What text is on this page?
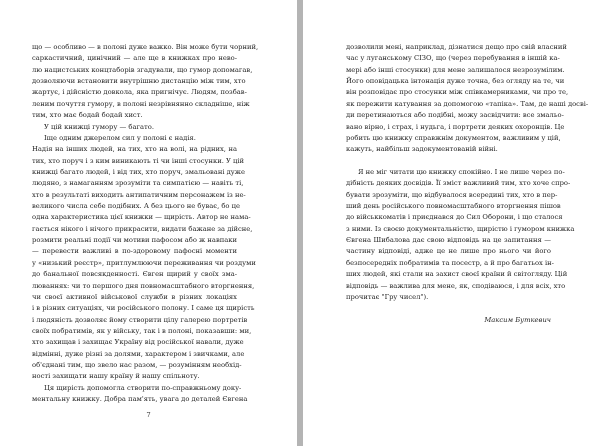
що — особливо — в полоні дуже важко. Він може бути чорний,
саркастичний, цинічний — але ще в книжках про нево-
лю нацистських концтаборів згадували, що гумор допомагав,
дозволяючи встановити внутрішню дистанцію між тим, хто
жартує, і дійсністю довкола, яка пригнічує. Людям, позбав-
леним почуття гумору, в полоні незрівнянно складніше, ніж
тим, хто має бодай бодай хист.
У цій книжці гумору — багато.
Іще одним джерелом сил у полоні є надія.
Надія на інших людей, на тих, хто на волі, на рідних, на
тих, хто поруч і з ким виникають ті чи інші стосунки. У цій
книжці багато людей, і від тих, хто поруч, змальовані дуже
людяно, з намаганням зрозуміти та симпатією — навіть ті,
хто в результаті виходить антипатичним персонажем із не-
великого числа себе подібних. А без цього не буває, бо це
одна характеристика цієї книжки — щирість. Автор не нама-
гається нікого і нічого прикрасити, видати бажане за дійсне,
розмити реальні події чи мотиви пафосом або ж навпаки
— перевести важливі в по-здоровому пафосні моменти
у «низький реєстр», притлумлюючи переживання чи роздуми
до банальної повсякденності. Євген щирий у своїх зма-
люваннях: чи то першого дня повномасштабного вторгнення,
чи своєї активної військової служби в різних локаціях
і в різних ситуаціях, чи російського полону. І саме ця щирість
і людяність дозволяє йому створити цілу галерею портретів
своїх побратимів, як у війську, так і в полоні, показавши: ми,
хто захищав і захищає Україну від російської навали, дуже
відмінні, дуже різні за долями, характером і звичками, але
об'єднані тим, що звело нас разом, — розумінням необхід-
ності захищати нашу країну й нашу спільноту.
Ця щирість допомогла створити по-справжньому доку-
ментальну книжку. Добра пам'ять, увага до деталей Євгена
7
дозволили мені, наприклад, дізнатися дещо про свій власний
час у луганському СІЗО, що (через перебування в іншій ка-
мері або інші стосунки) для мене залишалося незрозумілим.
Його оповідацька інтонація дуже точна, без огляду на те, чи
він розповідає про стосунки між співкамерниками, чи про те,
як пережити катування за допомогою «тапіка». Там, де наші досві-
ди перетинаються або подібні, можу засвідчити: все змальо-
вано вірно, і страх, і нудьга, і портрети деяких охоронців. Це
робить цю книжку справжнім документом, важливим у цій,
кажуть, найбільш задокументованій війні.
Я не міг читати цю книжку спокійно. І не лише через по-
дібність деяких досвідів. Її зміст важливий тим, хто хоче спро-
бувати зрозуміти, що відбувалося всередині тих, хто в пер-
ший день російського повномасштабного вторгнення пішов
до військкоматів і приєднався до Сил Оборони, і що сталося
з ними. Із своєю документальністю, щирістю і гумором книжка
Євгена Шибалова дає свою відповідь на це запитання —
частину відповіді, адже це не лише про нього чи його
безпосередніх побратимів та посестр, а й про багатьох ін-
ших людей, які стали на захист своєї країни й світоглядy. Цій
відповідь — важлива для мене, як, сподіваюся, і для всіх, хто
прочитає "Грy чисел").
Максим Буткевич
